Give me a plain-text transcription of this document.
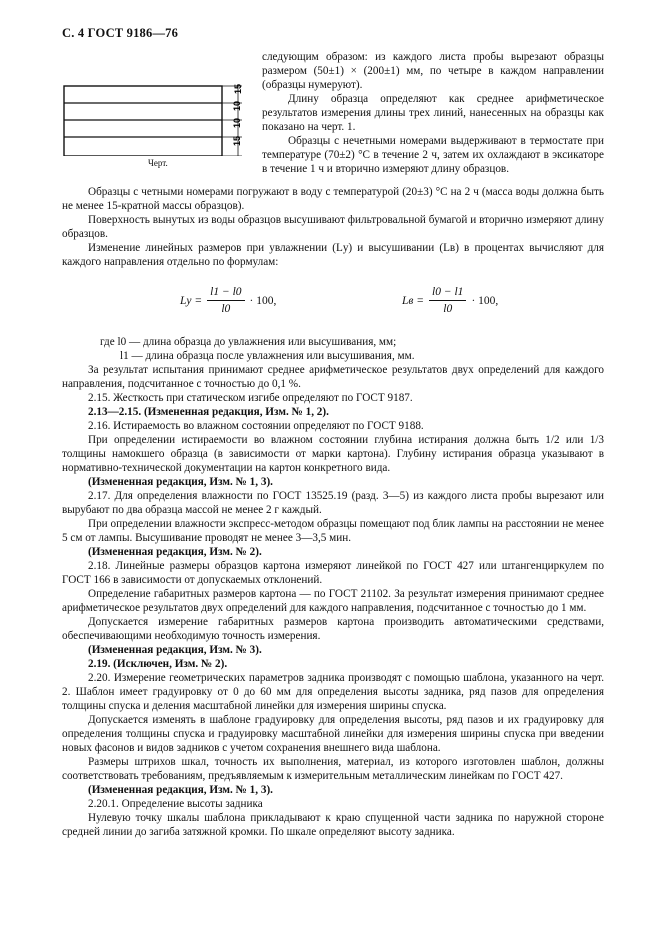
С. 4 ГОСТ 9186—76
15
10
10
15
Черт.

следующим образом: из каждого листа пробы вырезают образцы размером (50±1) × (200±1) мм, по четыре в каждом направлении (образцы нумеруют).

Длину образца определяют как среднее арифметическое результатов измерения длины трех линий, нанесенных на образцы как показано на черт. 1.

Образцы с нечетными номерами выдерживают в термостате при температуре (70±2) °С в течение 2 ч, затем их охлаждают в эксикаторе в течение 1 ч и вторично измеряют длину образцов.

Образцы с четными номерами погружают в воду с температурой (20±3) °С на 2 ч (масса воды должна быть не менее 15-кратной массы образцов).

Поверхность вынутых из воды образцов высушивают фильтровальной бумагой и вторично измеряют длину образцов.

Изменение линейных размеров при увлажнении (Lу) и высушивании (Lв) в процентах вычисляют для каждого направления отдельно по формулам:

Lу = $\frac{l1 - l0}{l0} \cdot 100$,	Lв = $\frac{l0 - l1}{l0} \cdot 100$,

где l0 — длина образца до увлажнения или высушивания, мм;

l1 — длина образца после увлажнения или высушивания, мм.

За результат испытания принимают среднее арифметическое результатов двух определений для каждого направления, подсчитанное с точностью до 0,1 %.

2.15. Жесткость при статическом изгибе определяют по ГОСТ 9187.

2.13—2.15. (Измененная редакция, Изм. № 1, 2).

2.16. Истираемость во влажном состоянии определяют по ГОСТ 9188.

При определении истираемости во влажном состоянии глубина истирания должна быть 1/2 или 1/3 толщины намокшего образца (в зависимости от марки картона). Глубину истирания образца указывают в нормативно-технической документации на картон конкретного вида.

(Измененная редакция, Изм. № 1, 3).

2.17. Для определения влажности по ГОСТ 13525.19 (разд. 3—5) из каждого листа пробы вырезают или вырубают по два образца массой не менее 2 г каждый.

При определении влажности экспресс-методом образцы помещают под блик лампы на расстоянии не менее 5 см от лампы. Высушивание проводят не менее 3—3,5 мин.

(Измененная редакция, Изм. № 2).

2.18. Линейные размеры образцов картона измеряют линейкой по ГОСТ 427 или штангенциркулем по ГОСТ 166 в зависимости от допускаемых отклонений.

Определение габаритных размеров картона — по ГОСТ 21102. За результат измерения принимают среднее арифметическое результатов двух определений для каждого направления, подсчитанное с точностью до 1 мм.

Допускается измерение габаритных размеров картона производить автоматическими средствами, обеспечивающими необходимую точность измерения.

(Измененная редакция, Изм. № 3).

2.19. (Исключен, Изм. № 2).

2.20. Измерение геометрических параметров задника производят с помощью шаблона, указанного на черт. 2. Шаблон имеет градуировку от 0 до 60 мм для определения высоты задника, ряд пазов для определения толщины спуска и деления масштабной линейки для измерения ширины спуска.

Допускается изменять в шаблоне градуировку для определения высоты, ряд пазов и их градуировку для определения толщины спуска и градуировку масштабной линейки для измерения ширины спуска при введении новых фасонов и видов задников с учетом сохранения внешнего вида шаблона.

Размеры штрихов шкал, точность их выполнения, материал, из которого изготовлен шаблон, должны соответствовать требованиям, предъявляемым к измерительным металлическим линейкам по ГОСТ 427.

(Измененная редакция, Изм. № 1, 3).

2.20.1. Определение высоты задника

Нулевую точку шкалы шаблона прикладывают к краю спущенной части задника по наружной стороне средней линии до загиба затяжной кромки. По шкале определяют высоту задника.
